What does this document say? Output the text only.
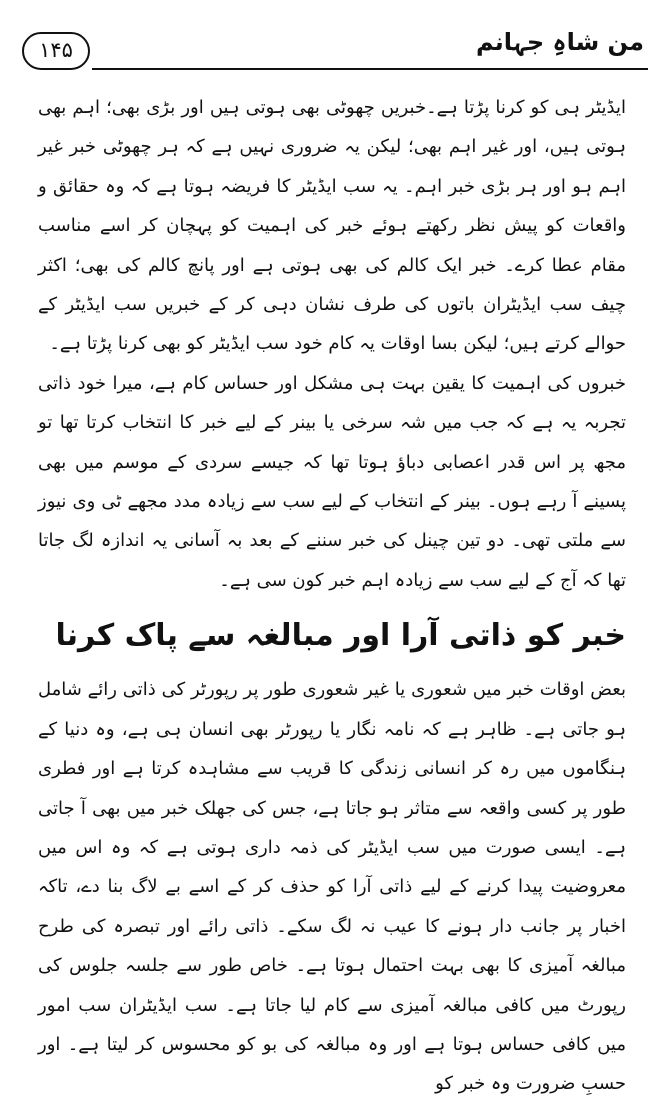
۱۴۵	من شاہِ جہانم

ایڈیٹر ہی کو کرنا پڑتا ہے۔خبریں چھوٹی بھی ہوتی ہیں اور بڑی بھی؛ اہم بھی ہوتی ہیں، اور غیر اہم بھی؛ لیکن یہ ضروری نہیں ہے کہ ہر چھوٹی خبر غیر اہم ہو اور ہر بڑی خبر اہم۔ یہ سب ایڈیٹر کا فریضہ ہوتا ہے کہ وہ حقائق و واقعات کو پیش نظر رکھتے ہوئے خبر کی اہمیت کو پہچان کر اسے مناسب مقام عطا کرے۔ خبر ایک کالم کی بھی ہوتی ہے اور پانچ کالم کی بھی؛ اکثر چیف سب ایڈیٹران باتوں کی طرف نشان دہی کر کے خبریں سب ایڈیٹر کے حوالے کرتے ہیں؛ لیکن بسا اوقات یہ کام خود سب ایڈیٹر کو بھی کرنا پڑتا ہے۔

خبروں کی اہمیت کا یقین بہت ہی مشکل اور حساس کام ہے، میرا خود ذاتی تجربہ یہ ہے کہ جب میں شہ سرخی یا بینر کے لیے خبر کا انتخاب کرتا تھا تو مجھ پر اس قدر اعصابی دباؤ ہوتا تھا کہ جیسے سردی کے موسم میں بھی پسینے آ رہے ہوں۔ بینر کے انتخاب کے لیے سب سے زیادہ مدد مجھے ٹی وی نیوز سے ملتی تھی۔ دو تین چینل کی خبر سننے کے بعد بہ آسانی یہ اندازہ لگ جاتا تھا کہ آج کے لیے سب سے زیادہ اہم خبر کون سی ہے۔

خبر کو ذاتی آرا اور مبالغہ سے پاک کرنا

بعض اوقات خبر میں شعوری یا غیر شعوری طور پر رپورٹر کی ذاتی رائے شامل ہو جاتی ہے۔ ظاہر ہے کہ نامہ نگار یا رپورٹر بھی انسان ہی ہے، وہ دنیا کے ہنگاموں میں رہ کر انسانی زندگی کا قریب سے مشاہدہ کرتا ہے اور فطری طور پر کسی واقعہ سے متاثر ہو جاتا ہے، جس کی جھلک خبر میں بھی آ جاتی ہے۔ ایسی صورت میں سب ایڈیٹر کی ذمہ داری ہوتی ہے کہ وہ اس میں معروضیت پیدا کرنے کے لیے ذاتی آرا کو حذف کر کے اسے بے لاگ بنا دے، تاکہ اخبار پر جانب دار ہونے کا عیب نہ لگ سکے۔ ذاتی رائے اور تبصرہ کی طرح مبالغہ آمیزی کا بھی بہت احتمال ہوتا ہے۔ خاص طور سے جلسہ جلوس کی رپورٹ میں کافی مبالغہ آمیزی سے کام لیا جاتا ہے۔ سب ایڈیٹران سب امور میں کافی حساس ہوتا ہے اور وہ مبالغہ کی بو کو محسوس کر لیتا ہے۔ اور حسبِ ضرورت وہ خبر کو
